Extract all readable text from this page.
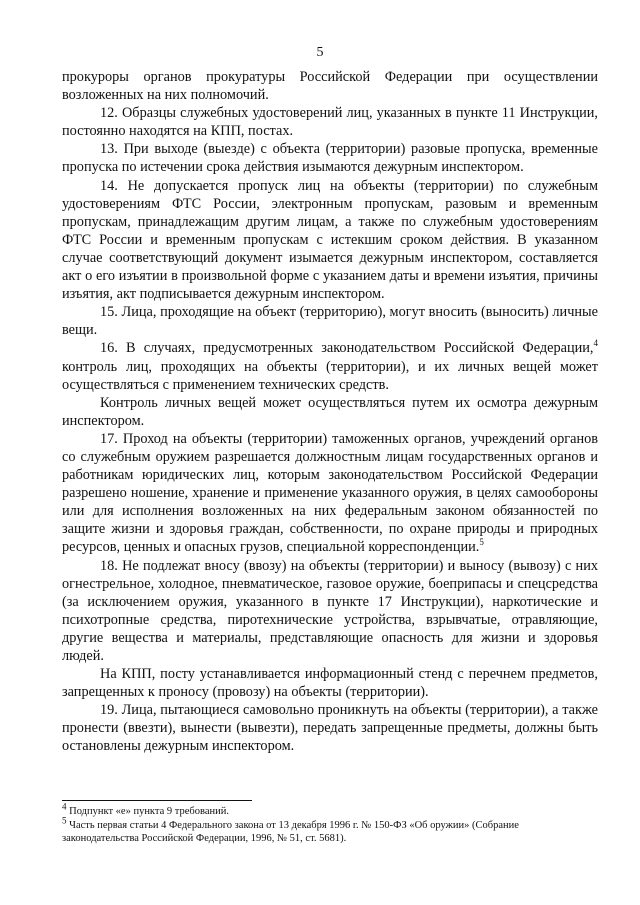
5

прокуроры органов прокуратуры Российской Федерации при осуществлении возложенных на них полномочий.

12. Образцы служебных удостоверений лиц, указанных в пункте 11 Инструкции, постоянно находятся на КПП, постах.

13. При выходе (выезде) с объекта (территории) разовые пропуска, временные пропуска по истечении срока действия изымаются дежурным инспектором.

14. Не допускается пропуск лиц на объекты (территории) по служебным удостоверениям ФТС России, электронным пропускам, разовым и временным пропускам, принадлежащим другим лицам, а также по служебным удостоверениям ФТС России и временным пропускам с истекшим сроком действия. В указанном случае соответствующий документ изымается дежурным инспектором, составляется акт о его изъятии в произвольной форме с указанием даты и времени изъятия, причины изъятия, акт подписывается дежурным инспектором.

15. Лица, проходящие на объект (территорию), могут вносить (выносить) личные вещи.

16. В случаях, предусмотренных законодательством Российской Федерации,$^4$ контроль лиц, проходящих на объекты (территории), и их личных вещей может осуществляться с применением технических средств.

Контроль личных вещей может осуществляться путем их осмотра дежурным инспектором.

17. Проход на объекты (территории) таможенных органов, учреждений органов со служебным оружием разрешается должностным лицам государственных органов и работникам юридических лиц, которым законодательством Российской Федерации разрешено ношение, хранение и применение указанного оружия, в целях самообороны или для исполнения возложенных на них федеральным законом обязанностей по защите жизни и здоровья граждан, собственности, по охране природы и природных ресурсов, ценных и опасных грузов, специальной корреспонденции.$^5$

18. Не подлежат вносу (ввозу) на объекты (территории) и выносу (вывозу) с них огнестрельное, холодное, пневматическое, газовое оружие, боеприпасы и спецсредства (за исключением оружия, указанного в пункте 17 Инструкции), наркотические и психотропные средства, пиротехнические устройства, взрывчатые, отравляющие, другие вещества и материалы, представляющие опасность для жизни и здоровья людей.

На КПП, посту устанавливается информационный стенд с перечнем предметов, запрещенных к проносу (провозу) на объекты (территории).

19. Лица, пытающиеся самовольно проникнуть на объекты (территории), а также пронести (ввезти), вынести (вывезти), передать запрещенные предметы, должны быть остановлены дежурным инспектором.

$^4$ Подпункт «е» пункта 9 требований.

$^5$ Часть первая статьи 4 Федерального закона от 13 декабря 1996 г. № 150-ФЗ «Об оружии» (Собрание законодательства Российской Федерации, 1996, № 51, ст. 5681).
